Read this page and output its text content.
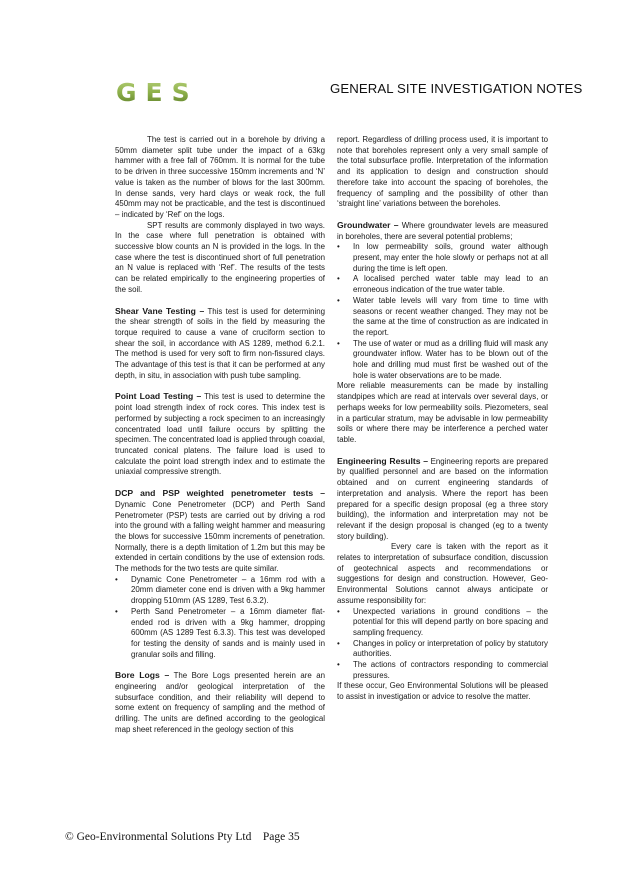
GES	GENERAL SITE INVESTIGATION NOTES

The test is carried out in a borehole by driving a 50mm diameter split tube under the impact of a 63kg hammer with a free fall of 760mm. It is normal for the tube to be driven in three successive 150mm increments and ‘N’ value is taken as the number of blows for the last 300mm. In dense sands, very hard clays or weak rock, the full 450mm may not be practicable, and the test is discontinued – indicated by ‘Ref’ on the logs.

SPT results are commonly displayed in two ways. In the case where full penetration is obtained with successive blow counts an N is provided in the logs. In the case where the test is discontinued short of full penetration an N value is replaced with ‘Ref’. The results of the tests can be related empirically to the engineering properties of the soil.

Shear Vane Testing – This test is used for determining the shear strength of soils in the field by measuring the torque required to cause a vane of cruciform section to shear the soil, in accordance with AS 1289, method 6.2.1. The method is used for very soft to firm non-fissured clays. The advantage of this test is that it can be performed at any depth, in situ, in association with push tube sampling.

Point Load Testing – This test is used to determine the point load strength index of rock cores. This index test is performed by subjecting a rock specimen to an increasingly concentrated load until failure occurs by splitting the specimen. The concentrated load is applied through coaxial, truncated conical platens. The failure load is used to calculate the point load strength index and to estimate the uniaxial compressive strength.

DCP and PSP weighted penetrometer tests – Dynamic Cone Penetrometer (DCP) and Perth Sand Penetrometer (PSP) tests are carried out by driving a rod into the ground with a falling weight hammer and measuring the blows for successive 150mm increments of penetration. Normally, there is a depth limitation of 1.2m but this may be extended in certain conditions by the use of extension rods. The methods for the two tests are quite similar.

• Dynamic Cone Penetrometer – a 16mm rod with a 20mm diameter cone end is driven with a 9kg hammer dropping 510mm (AS 1289, Test 6.3.2).
• Perth Sand Penetrometer – a 16mm diameter flat-ended rod is driven with a 9kg hammer, dropping 600mm (AS 1289 Test 6.3.3). This test was developed for testing the density of sands and is mainly used in granular soils and filling.

Bore Logs – The Bore Logs presented herein are an engineering and/or geological interpretation of the subsurface condition, and their reliability will depend to some extent on frequency of sampling and the method of drilling. The units are defined according to the geological map sheet referenced in the geology section of this

report. Regardless of drilling process used, it is important to note that boreholes represent only a very small sample of the total subsurface profile. Interpretation of the information and its application to design and construction should therefore take into account the spacing of boreholes, the frequency of sampling and the possibility of other than ‘straight line’ variations between the boreholes.

Groundwater – Where groundwater levels are measured in boreholes, there are several potential problems;

• In low permeability soils, ground water although present, may enter the hole slowly or perhaps not at all during the time is left open.
• A localised perched water table may lead to an erroneous indication of the true water table.
• Water table levels will vary from time to time with seasons or recent weather changed. They may not be the same at the time of construction as are indicated in the report.
• The use of water or mud as a drilling fluid will mask any groundwater inflow. Water has to be blown out of the hole and drilling mud must first be washed out of the hole is water observations are to be made.

More reliable measurements can be made by installing standpipes which are read at intervals over several days, or perhaps weeks for low permeability soils. Piezometers, seal in a particular stratum, may be advisable in low permeability soils or where there may be interference a perched water table.

Engineering Results – Engineering reports are prepared by qualified personnel and are based on the information obtained and on current engineering standards of interpretation and analysis. Where the report has been prepared for a specific design proposal (eg a three story building), the information and interpretation may not be relevant if the design proposal is changed (eg to a twenty story building).

Every care is taken with the report as it relates to interpretation of subsurface condition, discussion of geotechnical aspects and recommendations or suggestions for design and construction. However, Geo-Environmental Solutions cannot always anticipate or assume responsibility for:

• Unexpected variations in ground conditions – the potential for this will depend partly on bore spacing and sampling frequency.
• Changes in policy or interpretation of policy by statutory authorities.
• The actions of contractors responding to commercial pressures.

If these occur, Geo Environmental Solutions will be pleased to assist in investigation or advice to resolve the matter.

© Geo-Environmental Solutions Pty Ltd    Page 35
